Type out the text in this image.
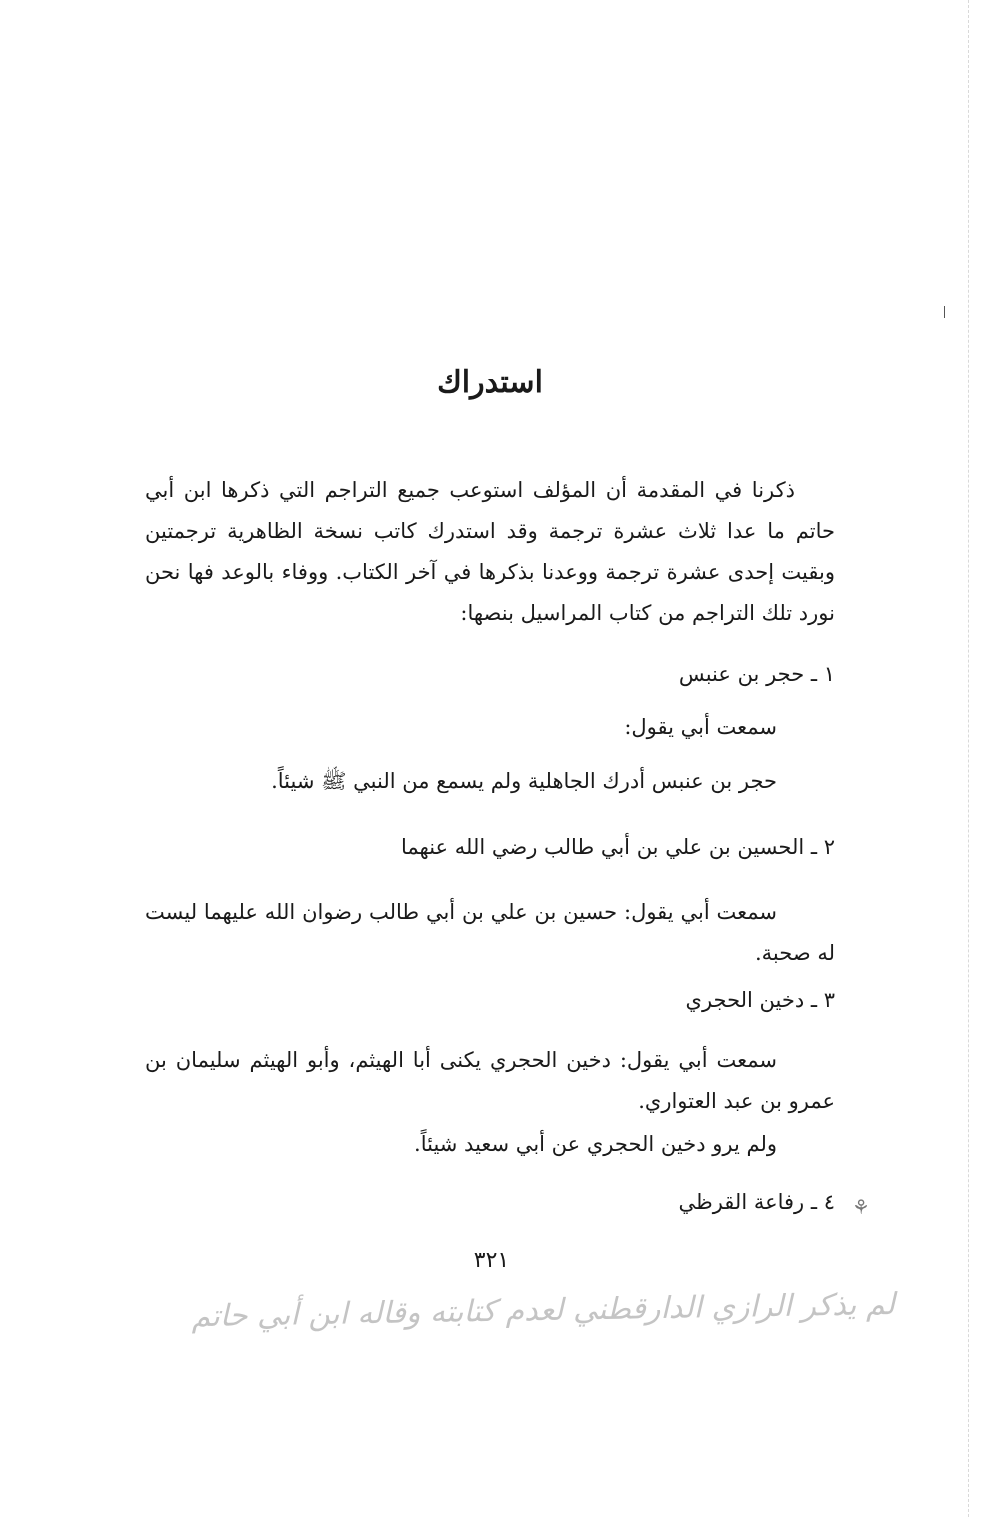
استدراك

ذكرنا في المقدمة أن المؤلف استوعب جميع التراجم التي ذكرها ابن أبي حاتم ما عدا ثلاث عشرة ترجمة وقد استدرك كاتب نسخة الظاهرية ترجمتين وبقيت إحدى عشرة ترجمة ووعدنا بذكرها في آخر الكتاب. ووفاء بالوعد فها نحن نورد تلك التراجم من كتاب المراسيل بنصها:

١ ـ حجر بن عنبس

سمعت أبي يقول:

حجر بن عنبس أدرك الجاهلية ولم يسمع من النبي ﷺ شيئاً.

٢ ـ الحسين بن علي بن أبي طالب رضي الله عنهما

سمعت أبي يقول: حسين بن علي بن أبي طالب رضوان الله عليهما ليست له صحبة.

٣ ـ دخين الحجري

سمعت أبي يقول: دخين الحجري يكنى أبا الهيثم، وأبو الهيثم سليمان بن عمرو بن عبد العتواري.

ولم يرو دخين الحجري عن أبي سعيد شيئاً.

٤ ـ رفاعة القرظي ⚘

٣٢١

لم يذكر الرازي الدارقطني لعدم كتابته وقاله ابن أبي حاتم
